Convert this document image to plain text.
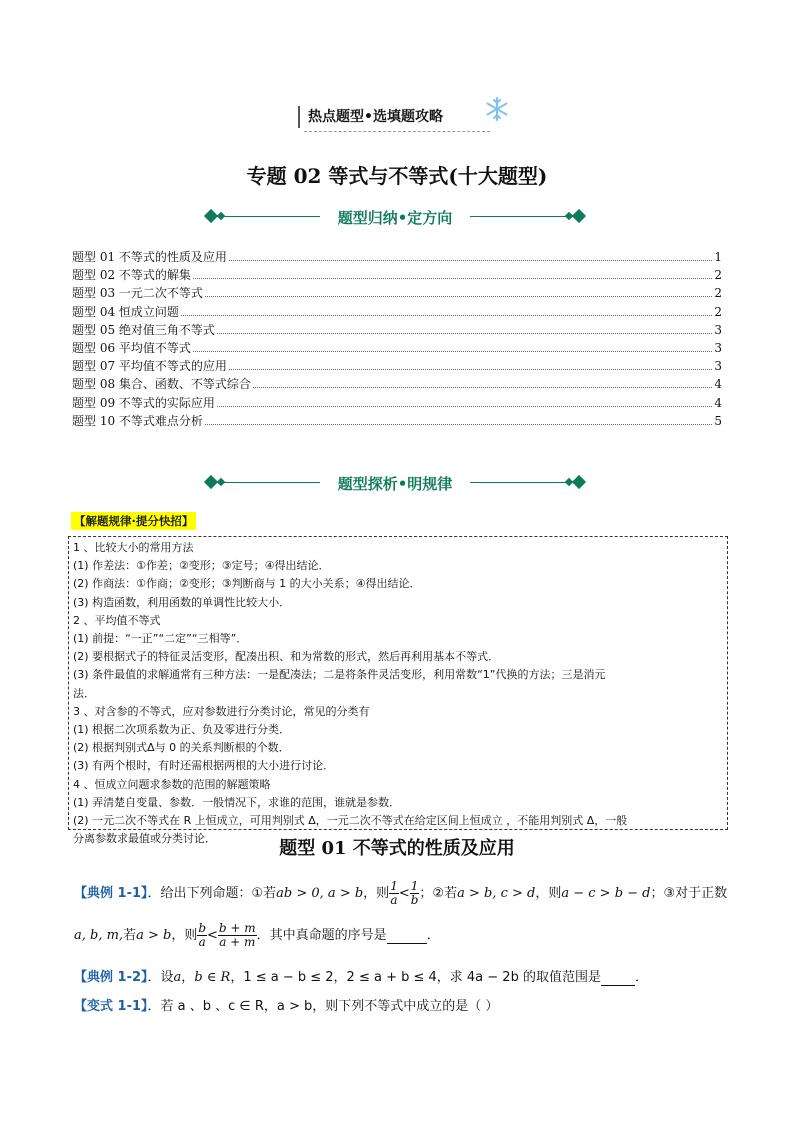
热点题型•选填题攻略
专题 02 等式与不等式(十大题型)
题型归纳•定方向
题型 01 不等式的性质及应用	1
题型 02 不等式的解集	2
题型 03 一元二次不等式	2
题型 04 恒成立问题	2
题型 05 绝对值三角不等式	3
题型 06 平均值不等式	3
题型 07 平均值不等式的应用	3
题型 08 集合、函数、不等式综合	4
题型 09 不等式的实际应用	4
题型 10 不等式难点分析	5
题型探析•明规律
【解题规律·提分快招】
1 、比较大小的常用方法
(1) 作差法：①作差；②变形；③定号；④得出结论．
(2) 作商法：①作商；②变形；③判断商与 1 的大小关系；④得出结论．
(3) 构造函数，利用函数的单调性比较大小．
2 、平均值不等式
(1) 前提：“一正”“二定”“三相等”．
(2) 要根据式子的特征灵活变形，配凑出积、和为常数的形式，然后再利用基本不等式．
(3) 条件最值的求解通常有三种方法：一是配凑法；二是将条件灵活变形，利用常数“1”代换的方法；三是消元
法．
3 、对含参的不等式，应对参数进行分类讨论，常见的分类有
(1) 根据二次项系数为正、负及零进行分类．
(2) 根据判别式Δ与 0 的关系判断根的个数．
(3) 有两个根时，有时还需根据两根的大小进行讨论．
4 、恒成立问题求参数的范围的解题策略
(1) 弄清楚自变量、参数．一般情况下，求谁的范围，谁就是参数．
(2) 一元二次不等式在 R 上恒成立，可用判别式 Δ，一元二次不等式在给定区间上恒成立 ，不能用判别式 Δ，一般
分离参数求最值或分类讨论．	题型 01 不等式的性质及应用
【典例 1-1】．给出下列命题：①若ab > 0, a > b，则 $\frac{1}{a} < \frac{1}{b}$ ；②若a > b, c > d，则a − c > b − d；③对于正数
a, b, m,若a > b，则 $\frac{b}{a} < \frac{b + m}{a + m}$ ．其中真命题的序号是	．
【典例 1-2】．设a，b ∈ R，1 ≤ a − b ≤ 2，2 ≤ a + b ≤ 4，求 4a − 2b 的取值范围是	．
【变式 1-1】．若 a 、b 、c ∈ R，a > b，则下列不等式中成立的是（ ）
